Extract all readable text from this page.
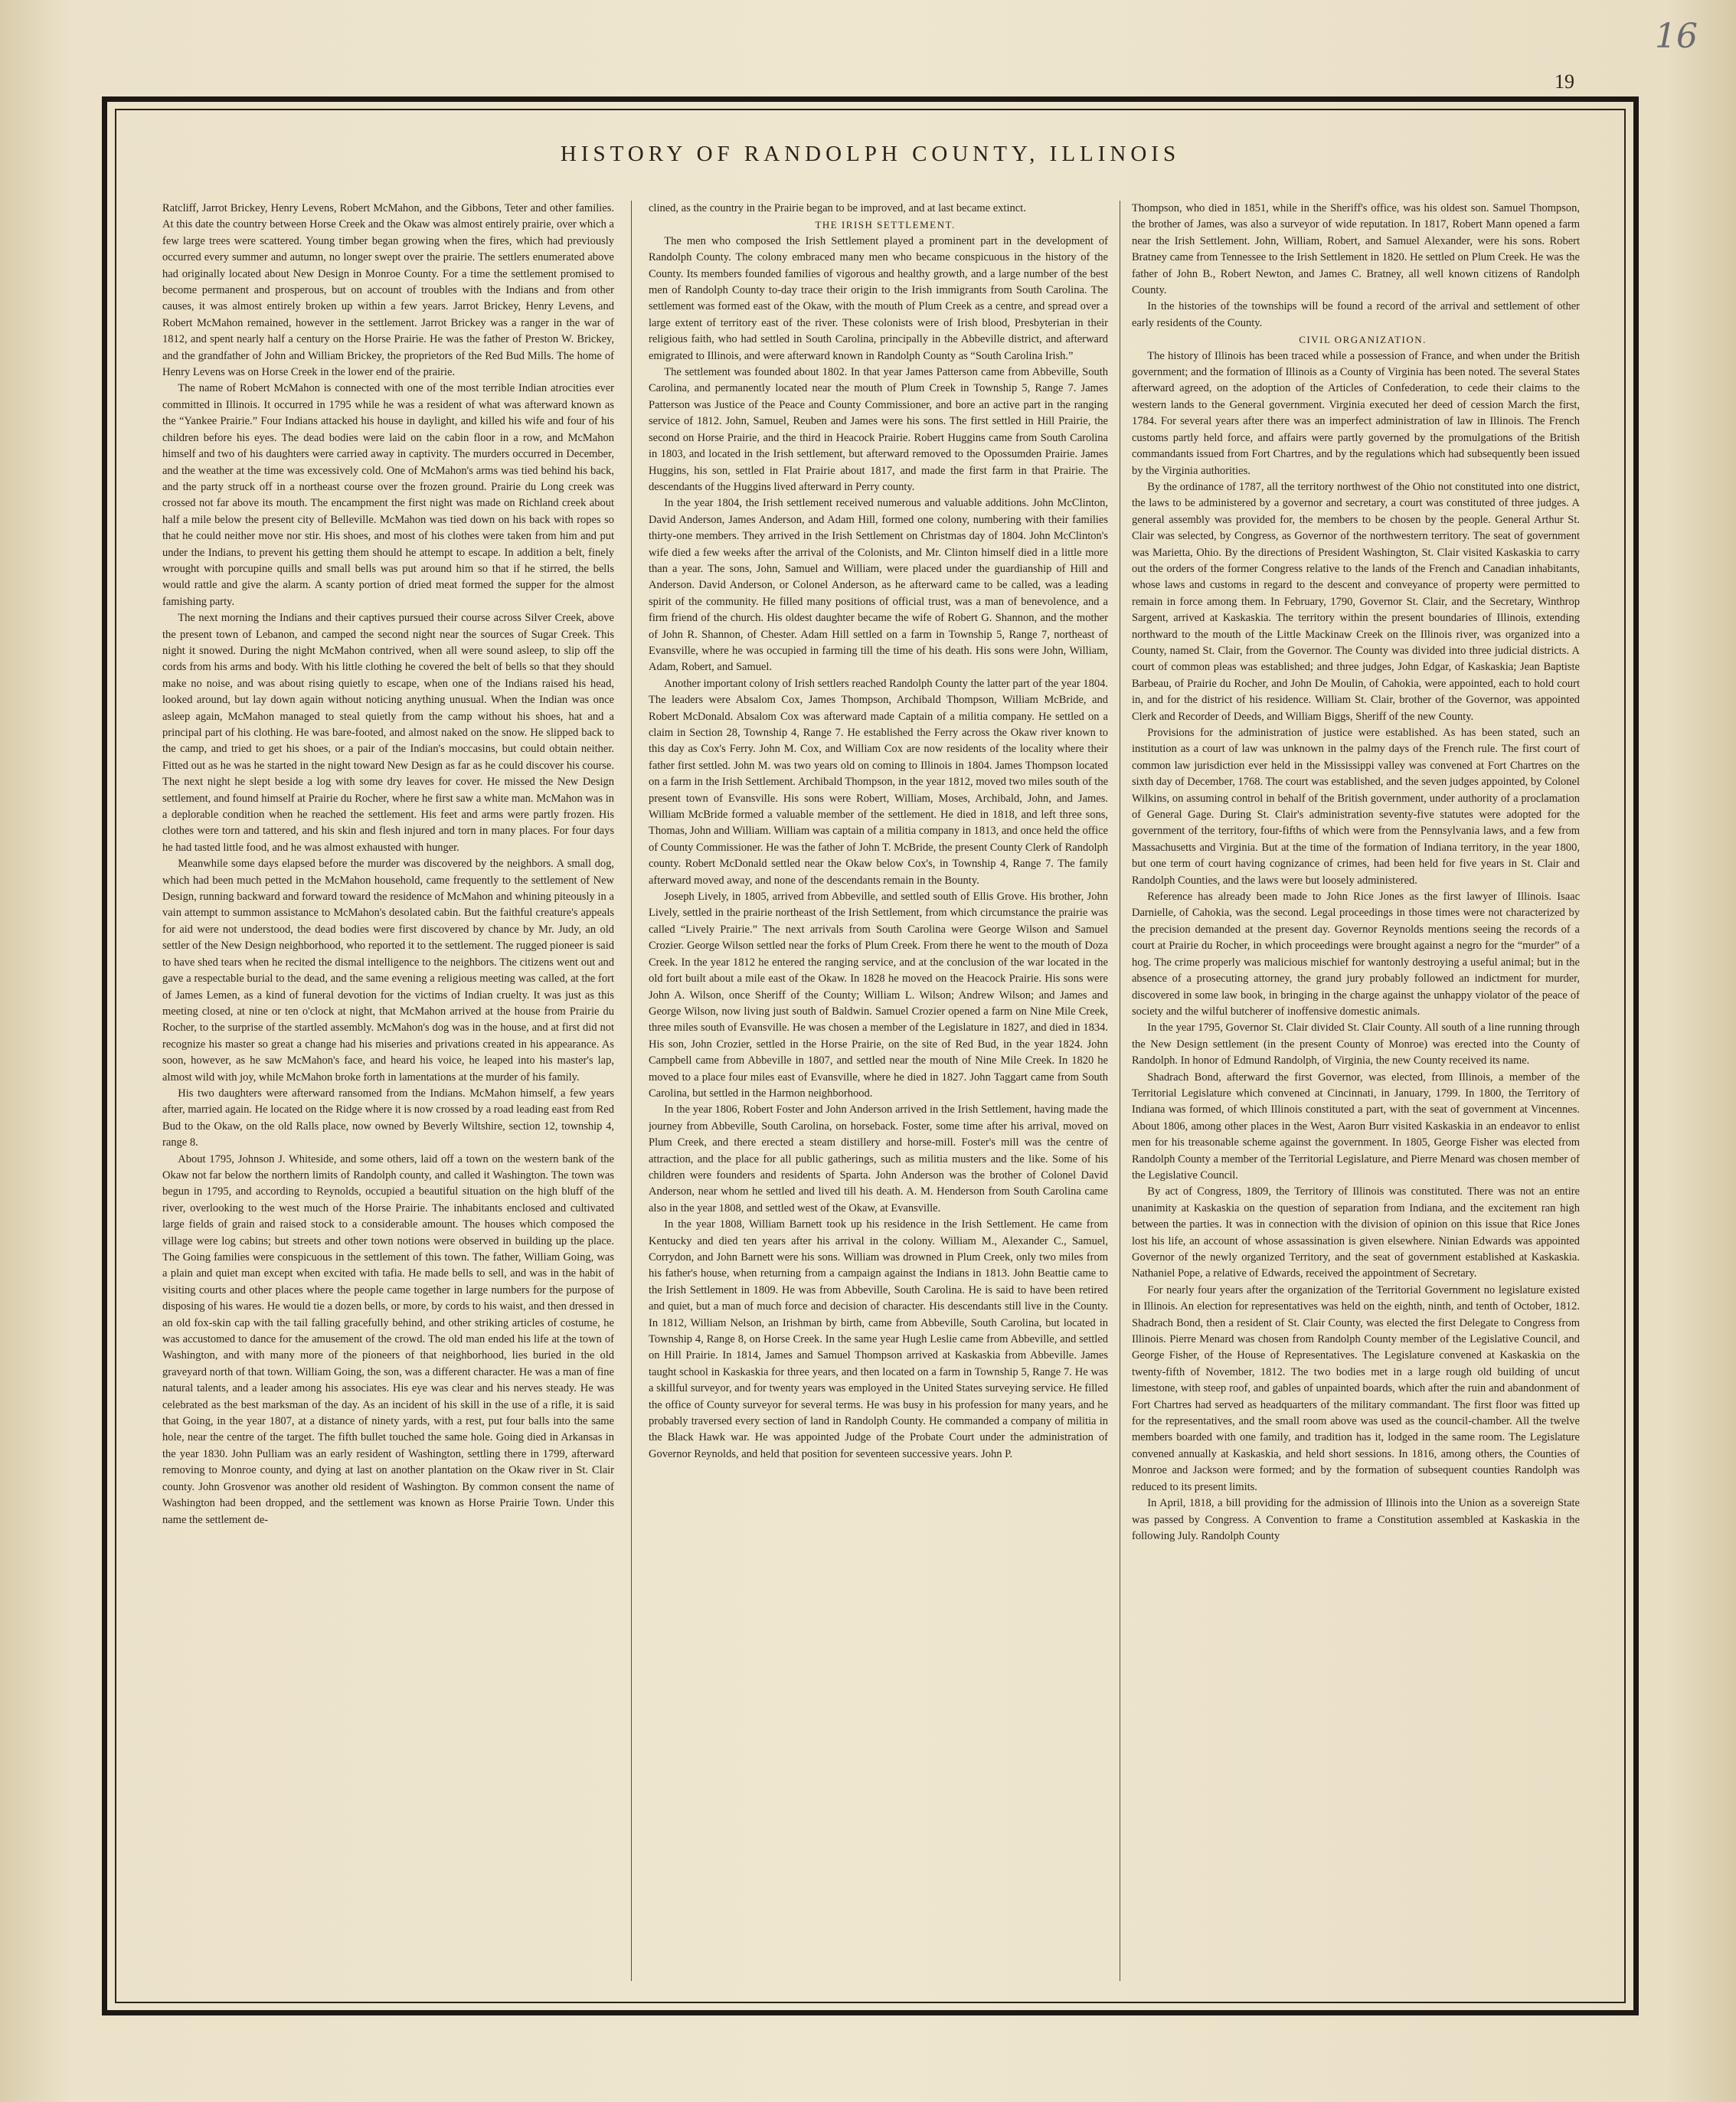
16
19
HISTORY OF RANDOLPH COUNTY, ILLINOIS

Ratcliff, Jarrot Brickey, Henry Levens, Robert McMahon, and the Gibbons, Teter and other families. At this date the country between Horse Creek and the Okaw was almost entirely prairie, over which a few large trees were scattered. Young timber began growing when the fires, which had previously occurred every summer and autumn, no longer swept over the prairie. The settlers enumerated above had originally located about New Design in Monroe County. For a time the settlement promised to become permanent and prosperous, but on account of troubles with the Indians and from other causes, it was almost entirely broken up within a few years. Jarrot Brickey, Henry Levens, and Robert McMahon remained, however in the settlement. Jarrot Brickey was a ranger in the war of 1812, and spent nearly half a century on the Horse Prairie. He was the father of Preston W. Brickey, and the grandfather of John and William Brickey, the proprietors of the Red Bud Mills. The home of Henry Levens was on Horse Creek in the lower end of the prairie.

The name of Robert McMahon is connected with one of the most terrible Indian atrocities ever committed in Illinois. It occurred in 1795 while he was a resident of what was afterward known as the “Yankee Prairie.” Four Indians attacked his house in daylight, and killed his wife and four of his children before his eyes. The dead bodies were laid on the cabin floor in a row, and McMahon himself and two of his daughters were carried away in captivity. The murders occurred in December, and the weather at the time was excessively cold. One of McMahon's arms was tied behind his back, and the party struck off in a northeast course over the frozen ground. Prairie du Long creek was crossed not far above its mouth. The encampment the first night was made on Richland creek about half a mile below the present city of Belleville. McMahon was tied down on his back with ropes so that he could neither move nor stir. His shoes, and most of his clothes were taken from him and put under the Indians, to prevent his getting them should he attempt to escape. In addition a belt, finely wrought with porcupine quills and small bells was put around him so that if he stirred, the bells would rattle and give the alarm. A scanty portion of dried meat formed the supper for the almost famishing party.

The next morning the Indians and their captives pursued their course across Silver Creek, above the present town of Lebanon, and camped the second night near the sources of Sugar Creek. This night it snowed. During the night McMahon contrived, when all were sound asleep, to slip off the cords from his arms and body. With his little clothing he covered the belt of bells so that they should make no noise, and was about rising quietly to escape, when one of the Indians raised his head, looked around, but lay down again without noticing anything unusual. When the Indian was once asleep again, McMahon managed to steal quietly from the camp without his shoes, hat and a principal part of his clothing. He was bare-footed, and almost naked on the snow. He slipped back to the camp, and tried to get his shoes, or a pair of the Indian's moccasins, but could obtain neither. Fitted out as he was he started in the night toward New Design as far as he could discover his course. The next night he slept beside a log with some dry leaves for cover. He missed the New Design settlement, and found himself at Prairie du Rocher, where he first saw a white man. McMahon was in a deplorable condition when he reached the settlement. His feet and arms were partly frozen. His clothes were torn and tattered, and his skin and flesh injured and torn in many places. For four days he had tasted little food, and he was almost exhausted with hunger.

Meanwhile some days elapsed before the murder was discovered by the neighbors. A small dog, which had been much petted in the McMahon household, came frequently to the settlement of New Design, running backward and forward toward the residence of McMahon and whining piteously in a vain attempt to summon assistance to McMahon's desolated cabin. But the faithful creature's appeals for aid were not understood, the dead bodies were first discovered by chance by Mr. Judy, an old settler of the New Design neighborhood, who reported it to the settlement. The rugged pioneer is said to have shed tears when he recited the dismal intelligence to the neighbors. The citizens went out and gave a respectable burial to the dead, and the same evening a religious meeting was called, at the fort of James Lemen, as a kind of funeral devotion for the victims of Indian cruelty. It was just as this meeting closed, at nine or ten o'clock at night, that McMahon arrived at the house from Prairie du Rocher, to the surprise of the startled assembly. McMahon's dog was in the house, and at first did not recognize his master so great a change had his miseries and privations created in his appearance. As soon, however, as he saw McMahon's face, and heard his voice, he leaped into his master's lap, almost wild with joy, while McMahon broke forth in lamentations at the murder of his family.

His two daughters were afterward ransomed from the Indians. McMahon himself, a few years after, married again. He located on the Ridge where it is now crossed by a road leading east from Red Bud to the Okaw, on the old Ralls place, now owned by Beverly Wiltshire, section 12, township 4, range 8.

About 1795, Johnson J. Whiteside, and some others, laid off a town on the western bank of the Okaw not far below the northern limits of Randolph county, and called it Washington. The town was begun in 1795, and according to Reynolds, occupied a beautiful situation on the high bluff of the river, overlooking to the west much of the Horse Prairie. The inhabitants enclosed and cultivated large fields of grain and raised stock to a considerable amount. The houses which composed the village were log cabins; but streets and other town notions were observed in building up the place. The Going families were conspicuous in the settlement of this town. The father, William Going, was a plain and quiet man except when excited with tafia. He made bells to sell, and was in the habit of visiting courts and other places where the people came together in large numbers for the purpose of disposing of his wares. He would tie a dozen bells, or more, by cords to his waist, and then dressed in an old fox-skin cap with the tail falling gracefully behind, and other striking articles of costume, he was accustomed to dance for the amusement of the crowd. The old man ended his life at the town of Washington, and with many more of the pioneers of that neighborhood, lies buried in the old graveyard north of that town. William Going, the son, was a different character. He was a man of fine natural talents, and a leader among his associates. His eye was clear and his nerves steady. He was celebrated as the best marksman of the day. As an incident of his skill in the use of a rifle, it is said that Going, in the year 1807, at a distance of ninety yards, with a rest, put four balls into the same hole, near the centre of the target. The fifth bullet touched the same hole. Going died in Arkansas in the year 1830. John Pulliam was an early resident of Washington, settling there in 1799, afterward removing to Monroe county, and dying at last on another plantation on the Okaw river in St. Clair county. John Grosvenor was another old resident of Washington. By common consent the name of Washington had been dropped, and the settlement was known as Horse Prairie Town. Under this name the settlement de-

clined, as the country in the Prairie began to be improved, and at last became extinct.

THE IRISH SETTLEMENT.

The men who composed the Irish Settlement played a prominent part in the development of Randolph County. The colony embraced many men who became conspicuous in the history of the County. Its members founded families of vigorous and healthy growth, and a large number of the best men of Randolph County to-day trace their origin to the Irish immigrants from South Carolina. The settlement was formed east of the Okaw, with the mouth of Plum Creek as a centre, and spread over a large extent of territory east of the river. These colonists were of Irish blood, Presbyterian in their religious faith, who had settled in South Carolina, principally in the Abbeville district, and afterward emigrated to Illinois, and were afterward known in Randolph County as “South Carolina Irish.”

The settlement was founded about 1802. In that year James Patterson came from Abbeville, South Carolina, and permanently located near the mouth of Plum Creek in Township 5, Range 7. James Patterson was Justice of the Peace and County Commissioner, and bore an active part in the ranging service of 1812. John, Samuel, Reuben and James were his sons. The first settled in Hill Prairie, the second on Horse Prairie, and the third in Heacock Prairie. Robert Huggins came from South Carolina in 1803, and located in the Irish settlement, but afterward removed to the Opossumden Prairie. James Huggins, his son, settled in Flat Prairie about 1817, and made the first farm in that Prairie. The descendants of the Huggins lived afterward in Perry county.

In the year 1804, the Irish settlement received numerous and valuable additions. John McClinton, David Anderson, James Anderson, and Adam Hill, formed one colony, numbering with their families thirty-one members. They arrived in the Irish Settlement on Christmas day of 1804. John McClinton's wife died a few weeks after the arrival of the Colonists, and Mr. Clinton himself died in a little more than a year. The sons, John, Samuel and William, were placed under the guardianship of Hill and Anderson. David Anderson, or Colonel Anderson, as he afterward came to be called, was a leading spirit of the community. He filled many positions of official trust, was a man of benevolence, and a firm friend of the church. His oldest daughter became the wife of Robert G. Shannon, and the mother of John R. Shannon, of Chester. Adam Hill settled on a farm in Township 5, Range 7, northeast of Evansville, where he was occupied in farming till the time of his death. His sons were John, William, Adam, Robert, and Samuel.

Another important colony of Irish settlers reached Randolph County the latter part of the year 1804. The leaders were Absalom Cox, James Thompson, Archibald Thompson, William McBride, and Robert McDonald. Absalom Cox was afterward made Captain of a militia company. He settled on a claim in Section 28, Township 4, Range 7. He established the Ferry across the Okaw river known to this day as Cox's Ferry. John M. Cox, and William Cox are now residents of the locality where their father first settled. John M. was two years old on coming to Illinois in 1804. James Thompson located on a farm in the Irish Settlement. Archibald Thompson, in the year 1812, moved two miles south of the present town of Evansville. His sons were Robert, William, Moses, Archibald, John, and James. William McBride formed a valuable member of the settlement. He died in 1818, and left three sons, Thomas, John and William. William was captain of a militia company in 1813, and once held the office of County Commissioner. He was the father of John T. McBride, the present County Clerk of Randolph county. Robert McDonald settled near the Okaw below Cox's, in Township 4, Range 7. The family afterward moved away, and none of the descendants remain in the Bounty.

Joseph Lively, in 1805, arrived from Abbeville, and settled south of Ellis Grove. His brother, John Lively, settled in the prairie northeast of the Irish Settlement, from which circumstance the prairie was called “Lively Prairie.” The next arrivals from South Carolina were George Wilson and Samuel Crozier. George Wilson settled near the forks of Plum Creek. From there he went to the mouth of Doza Creek. In the year 1812 he entered the ranging service, and at the conclusion of the war located in the old fort built about a mile east of the Okaw. In 1828 he moved on the Heacock Prairie. His sons were John A. Wilson, once Sheriff of the County; William L. Wilson; Andrew Wilson; and James and George Wilson, now living just south of Baldwin. Samuel Crozier opened a farm on Nine Mile Creek, three miles south of Evansville. He was chosen a member of the Legislature in 1827, and died in 1834. His son, John Crozier, settled in the Horse Prairie, on the site of Red Bud, in the year 1824. John Campbell came from Abbeville in 1807, and settled near the mouth of Nine Mile Creek. In 1820 he moved to a place four miles east of Evansville, where he died in 1827. John Taggart came from South Carolina, but settled in the Harmon neighborhood.

In the year 1806, Robert Foster and John Anderson arrived in the Irish Settlement, having made the journey from Abbeville, South Carolina, on horseback. Foster, some time after his arrival, moved on Plum Creek, and there erected a steam distillery and horse-mill. Foster's mill was the centre of attraction, and the place for all public gatherings, such as militia musters and the like. Some of his children were founders and residents of Sparta. John Anderson was the brother of Colonel David Anderson, near whom he settled and lived till his death. A. M. Henderson from South Carolina came also in the year 1808, and settled west of the Okaw, at Evansville.

In the year 1808, William Barnett took up his residence in the Irish Settlement. He came from Kentucky and died ten years after his arrival in the colony. William M., Alexander C., Samuel, Corrydon, and John Barnett were his sons. William was drowned in Plum Creek, only two miles from his father's house, when returning from a campaign against the Indians in 1813. John Beattie came to the Irish Settlement in 1809. He was from Abbeville, South Carolina. He is said to have been retired and quiet, but a man of much force and decision of character. His descendants still live in the County. In 1812, William Nelson, an Irishman by birth, came from Abbeville, South Carolina, but located in Township 4, Range 8, on Horse Creek. In the same year Hugh Leslie came from Abbeville, and settled on Hill Prairie. In 1814, James and Samuel Thompson arrived at Kaskaskia from Abbeville. James taught school in Kaskaskia for three years, and then located on a farm in Township 5, Range 7. He was a skillful surveyor, and for twenty years was employed in the United States surveying service. He filled the office of County surveyor for several terms. He was busy in his profession for many years, and he probably traversed every section of land in Randolph County. He commanded a company of militia in the Black Hawk war. He was appointed Judge of the Probate Court under the administration of Governor Reynolds, and held that position for seventeen successive years. John P.

Thompson, who died in 1851, while in the Sheriff's office, was his oldest son. Samuel Thompson, the brother of James, was also a surveyor of wide reputation. In 1817, Robert Mann opened a farm near the Irish Settlement. John, William, Robert, and Samuel Alexander, were his sons. Robert Bratney came from Tennessee to the Irish Settlement in 1820. He settled on Plum Creek. He was the father of John B., Robert Newton, and James C. Bratney, all well known citizens of Randolph County.

In the histories of the townships will be found a record of the arrival and settlement of other early residents of the County.

CIVIL ORGANIZATION.

The history of Illinois has been traced while a possession of France, and when under the British government; and the formation of Illinois as a County of Virginia has been noted. The several States afterward agreed, on the adoption of the Articles of Confederation, to cede their claims to the western lands to the General government. Virginia executed her deed of cession March the first, 1784. For several years after there was an imperfect administration of law in Illinois. The French customs partly held force, and affairs were partly governed by the promulgations of the British commandants issued from Fort Chartres, and by the regulations which had subsequently been issued by the Virginia authorities.

By the ordinance of 1787, all the territory northwest of the Ohio not constituted into one district, the laws to be administered by a governor and secretary, a court was constituted of three judges. A general assembly was provided for, the members to be chosen by the people. General Arthur St. Clair was selected, by Congress, as Governor of the northwestern territory. The seat of government was Marietta, Ohio. By the directions of President Washington, St. Clair visited Kaskaskia to carry out the orders of the former Congress relative to the lands of the French and Canadian inhabitants, whose laws and customs in regard to the descent and conveyance of property were permitted to remain in force among them. In February, 1790, Governor St. Clair, and the Secretary, Winthrop Sargent, arrived at Kaskaskia. The territory within the present boundaries of Illinois, extending northward to the mouth of the Little Mackinaw Creek on the Illinois river, was organized into a County, named St. Clair, from the Governor. The County was divided into three judicial districts. A court of common pleas was established; and three judges, John Edgar, of Kaskaskia; Jean Baptiste Barbeau, of Prairie du Rocher, and John De Moulin, of Cahokia, were appointed, each to hold court in, and for the district of his residence. William St. Clair, brother of the Governor, was appointed Clerk and Recorder of Deeds, and William Biggs, Sheriff of the new County.

Provisions for the administration of justice were established. As has been stated, such an institution as a court of law was unknown in the palmy days of the French rule. The first court of common law jurisdiction ever held in the Mississippi valley was convened at Fort Chartres on the sixth day of December, 1768. The court was established, and the seven judges appointed, by Colonel Wilkins, on assuming control in behalf of the British government, under authority of a proclamation of General Gage. During St. Clair's administration seventy-five statutes were adopted for the government of the territory, four-fifths of which were from the Pennsylvania laws, and a few from Massachusetts and Virginia. But at the time of the formation of Indiana territory, in the year 1800, but one term of court having cognizance of crimes, had been held for five years in St. Clair and Randolph Counties, and the laws were but loosely administered.

Reference has already been made to John Rice Jones as the first lawyer of Illinois. Isaac Darnielle, of Cahokia, was the second. Legal proceedings in those times were not characterized by the precision demanded at the present day. Governor Reynolds mentions seeing the records of a court at Prairie du Rocher, in which proceedings were brought against a negro for the “murder” of a hog. The crime properly was malicious mischief for wantonly destroying a useful animal; but in the absence of a prosecuting attorney, the grand jury probably followed an indictment for murder, discovered in some law book, in bringing in the charge against the unhappy violator of the peace of society and the wilful butcherer of inoffensive domestic animals.

In the year 1795, Governor St. Clair divided St. Clair County. All south of a line running through the New Design settlement (in the present County of Monroe) was erected into the County of Randolph. In honor of Edmund Randolph, of Virginia, the new County received its name.

Shadrach Bond, afterward the first Governor, was elected, from Illinois, a member of the Territorial Legislature which convened at Cincinnati, in January, 1799. In 1800, the Territory of Indiana was formed, of which Illinois constituted a part, with the seat of government at Vincennes. About 1806, among other places in the West, Aaron Burr visited Kaskaskia in an endeavor to enlist men for his treasonable scheme against the government. In 1805, George Fisher was elected from Randolph County a member of the Territorial Legislature, and Pierre Menard was chosen member of the Legislative Council.

By act of Congress, 1809, the Territory of Illinois was constituted. There was not an entire unanimity at Kaskaskia on the question of separation from Indiana, and the excitement ran high between the parties. It was in connection with the division of opinion on this issue that Rice Jones lost his life, an account of whose assassination is given elsewhere. Ninian Edwards was appointed Governor of the newly organized Territory, and the seat of government established at Kaskaskia. Nathaniel Pope, a relative of Edwards, received the appointment of Secretary.

For nearly four years after the organization of the Territorial Government no legislature existed in Illinois. An election for representatives was held on the eighth, ninth, and tenth of October, 1812. Shadrach Bond, then a resident of St. Clair County, was elected the first Delegate to Congress from Illinois. Pierre Menard was chosen from Randolph County member of the Legislative Council, and George Fisher, of the House of Representatives. The Legislature convened at Kaskaskia on the twenty-fifth of November, 1812. The two bodies met in a large rough old building of uncut limestone, with steep roof, and gables of unpainted boards, which after the ruin and abandonment of Fort Chartres had served as headquarters of the military commandant. The first floor was fitted up for the representatives, and the small room above was used as the council-chamber. All the twelve members boarded with one family, and tradition has it, lodged in the same room. The Legislature convened annually at Kaskaskia, and held short sessions. In 1816, among others, the Counties of Monroe and Jackson were formed; and by the formation of subsequent counties Randolph was reduced to its present limits.

In April, 1818, a bill providing for the admission of Illinois into the Union as a sovereign State was passed by Congress. A Convention to frame a Constitution assembled at Kaskaskia in the following July. Randolph County
